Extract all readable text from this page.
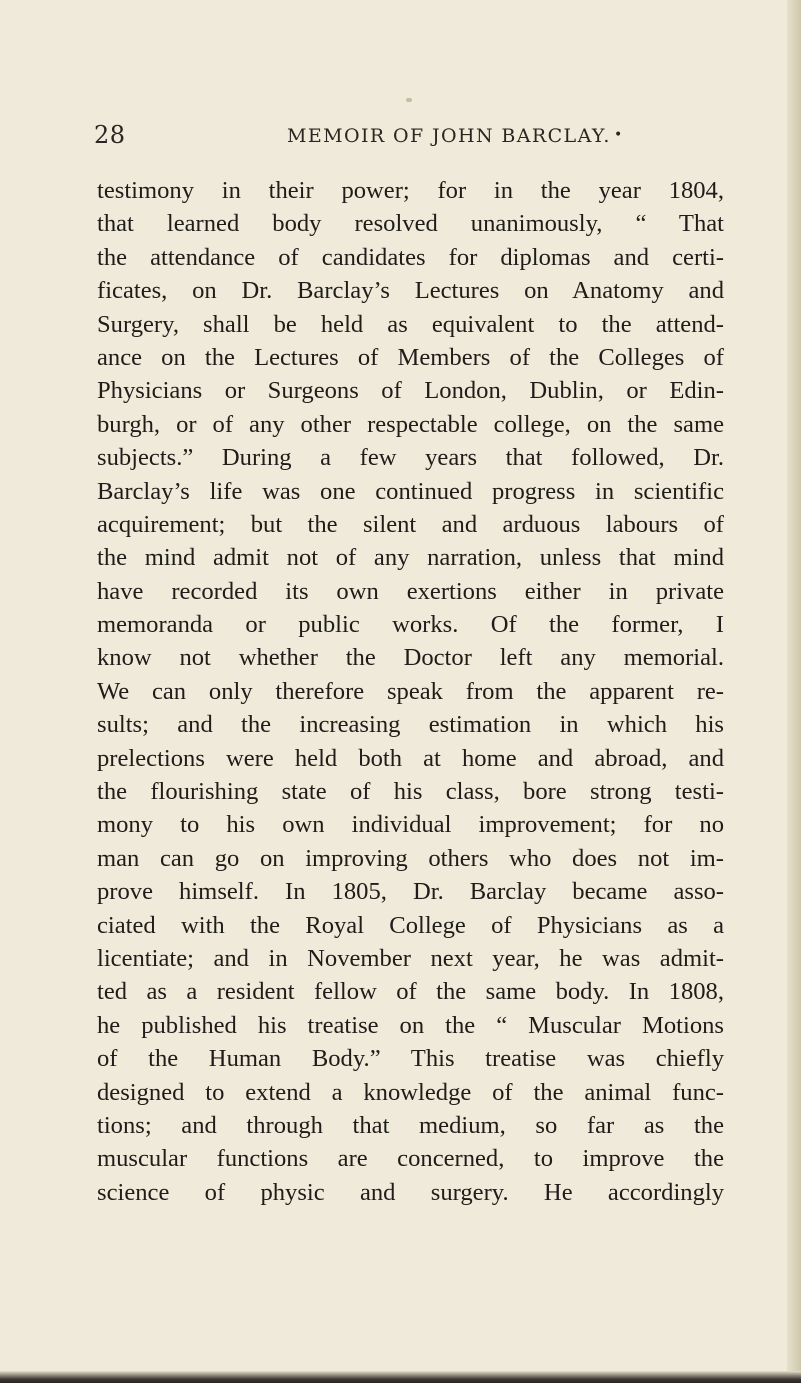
28	MEMOIR OF JOHN BARCLAY. •
testimony in their power; for in the year 1804,
that learned body resolved unanimously, “ That
the attendance of candidates for diplomas and certi-
ficates, on Dr. Barclay’s Lectures on Anatomy and
Surgery, shall be held as equivalent to the attend-
ance on the Lectures of Members of the Colleges of
Physicians or Surgeons of London, Dublin, or Edin-
burgh, or of any other respectable college, on the same
subjects.” During a few years that followed, Dr.
Barclay’s life was one continued progress in scientific
acquirement; but the silent and arduous labours of
the mind admit not of any narration, unless that mind
have recorded its own exertions either in private
memoranda or public works. Of the former, I
know not whether the Doctor left any memorial.
We can only therefore speak from the apparent re-
sults; and the increasing estimation in which his
prelections were held both at home and abroad, and
the flourishing state of his class, bore strong testi-
mony to his own individual improvement; for no
man can go on improving others who does not im-
prove himself. In 1805, Dr. Barclay became asso-
ciated with the Royal College of Physicians as a
licentiate; and in November next year, he was admit-
ted as a resident fellow of the same body. In 1808,
he published his treatise on the “ Muscular Motions
of the Human Body.” This treatise was chiefly
designed to extend a knowledge of the animal func-
tions; and through that medium, so far as the
muscular functions are concerned, to improve the
science of physic and surgery. He accordingly
